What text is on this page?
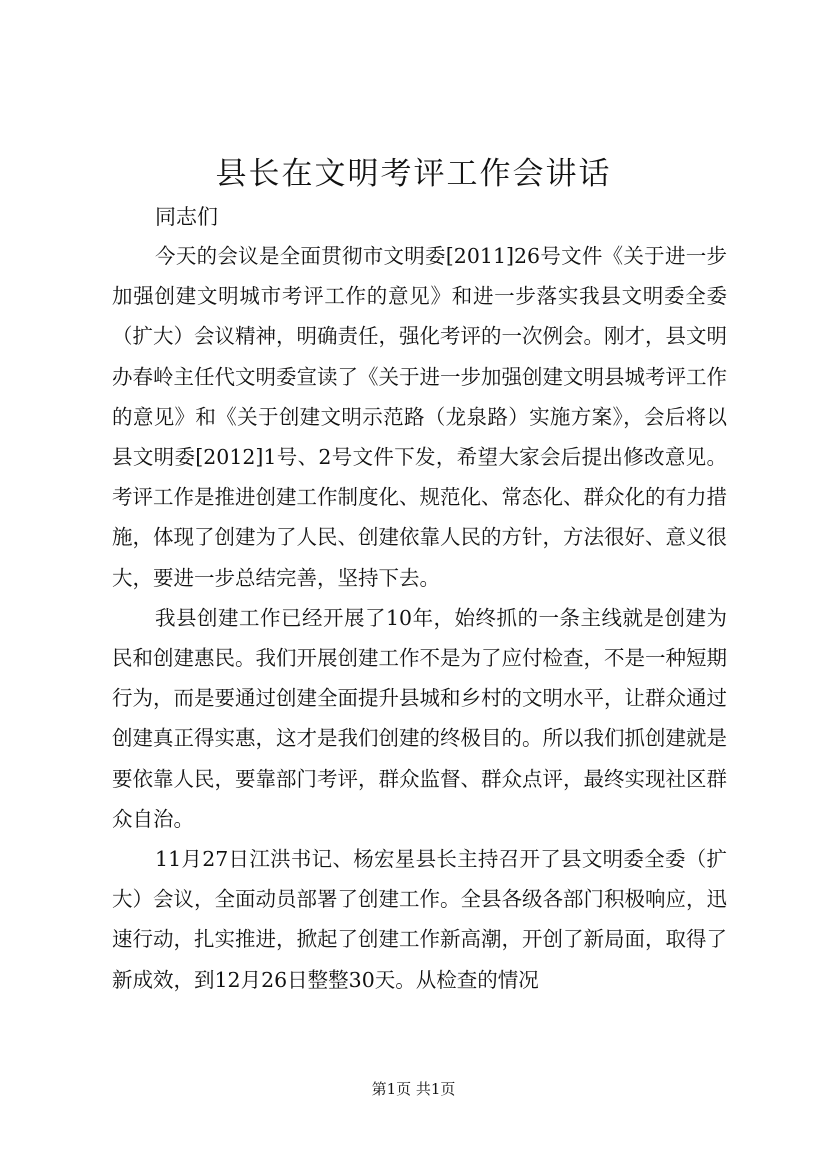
县长在文明考评工作会讲话
同志们

今天的会议是全面贯彻市文明委[2011]26号文件《关于进一步加强创建文明城市考评工作的意见》和进一步落实我县文明委全委（扩大）会议精神，明确责任，强化考评的一次例会。刚才，县文明办春岭主任代文明委宣读了《关于进一步加强创建文明县城考评工作的意见》和《关于创建文明示范路（龙泉路）实施方案》，会后将以县文明委[2012]1号、2号文件下发，希望大家会后提出修改意见。考评工作是推进创建工作制度化、规范化、常态化、群众化的有力措施，体现了创建为了人民、创建依靠人民的方针，方法很好、意义很大，要进一步总结完善，坚持下去。

我县创建工作已经开展了10年，始终抓的一条主线就是创建为民和创建惠民。我们开展创建工作不是为了应付检查，不是一种短期行为，而是要通过创建全面提升县城和乡村的文明水平，让群众通过创建真正得实惠，这才是我们创建的终极目的。所以我们抓创建就是要依靠人民，要靠部门考评，群众监督、群众点评，最终实现社区群众自治。

11月27日江洪书记、杨宏星县长主持召开了县文明委全委（扩大）会议，全面动员部署了创建工作。全县各级各部门积极响应，迅速行动，扎实推进，掀起了创建工作新高潮，开创了新局面，取得了新成效，到12月26日整整30天。从检查的情况

第1页 共1页
